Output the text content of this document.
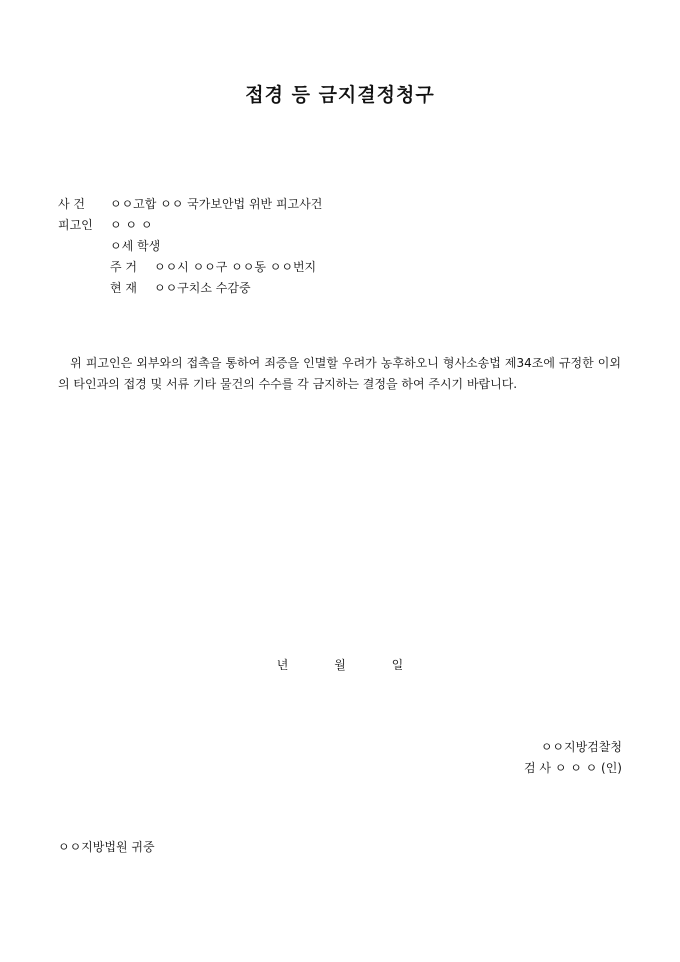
접경 등 금지결정청구
사 건 ㅇㅇ고합 ㅇㅇ 국가보안법 위반 피고사건
피고인 ㅇ ㅇ ㅇ
ㅇ세 학생
주 거 ㅇㅇ시 ㅇㅇ구 ㅇㅇ동 ㅇㅇ번지
현 재 ㅇㅇ구치소 수감중
위 피고인은 외부와의 접촉을 통하여 죄증을 인멸할 우려가 농후하오니 형사소송법 제34조에 규정한 이외의 타인과의 접경 및 서류 기타 물건의 수수를 각 금지하는 결정을 하여 주시기 바랍니다.
년	월	일
ㅇㅇ지방검찰청
검 사 ㅇ ㅇ ㅇ (인)
ㅇㅇ지방법원 귀중
